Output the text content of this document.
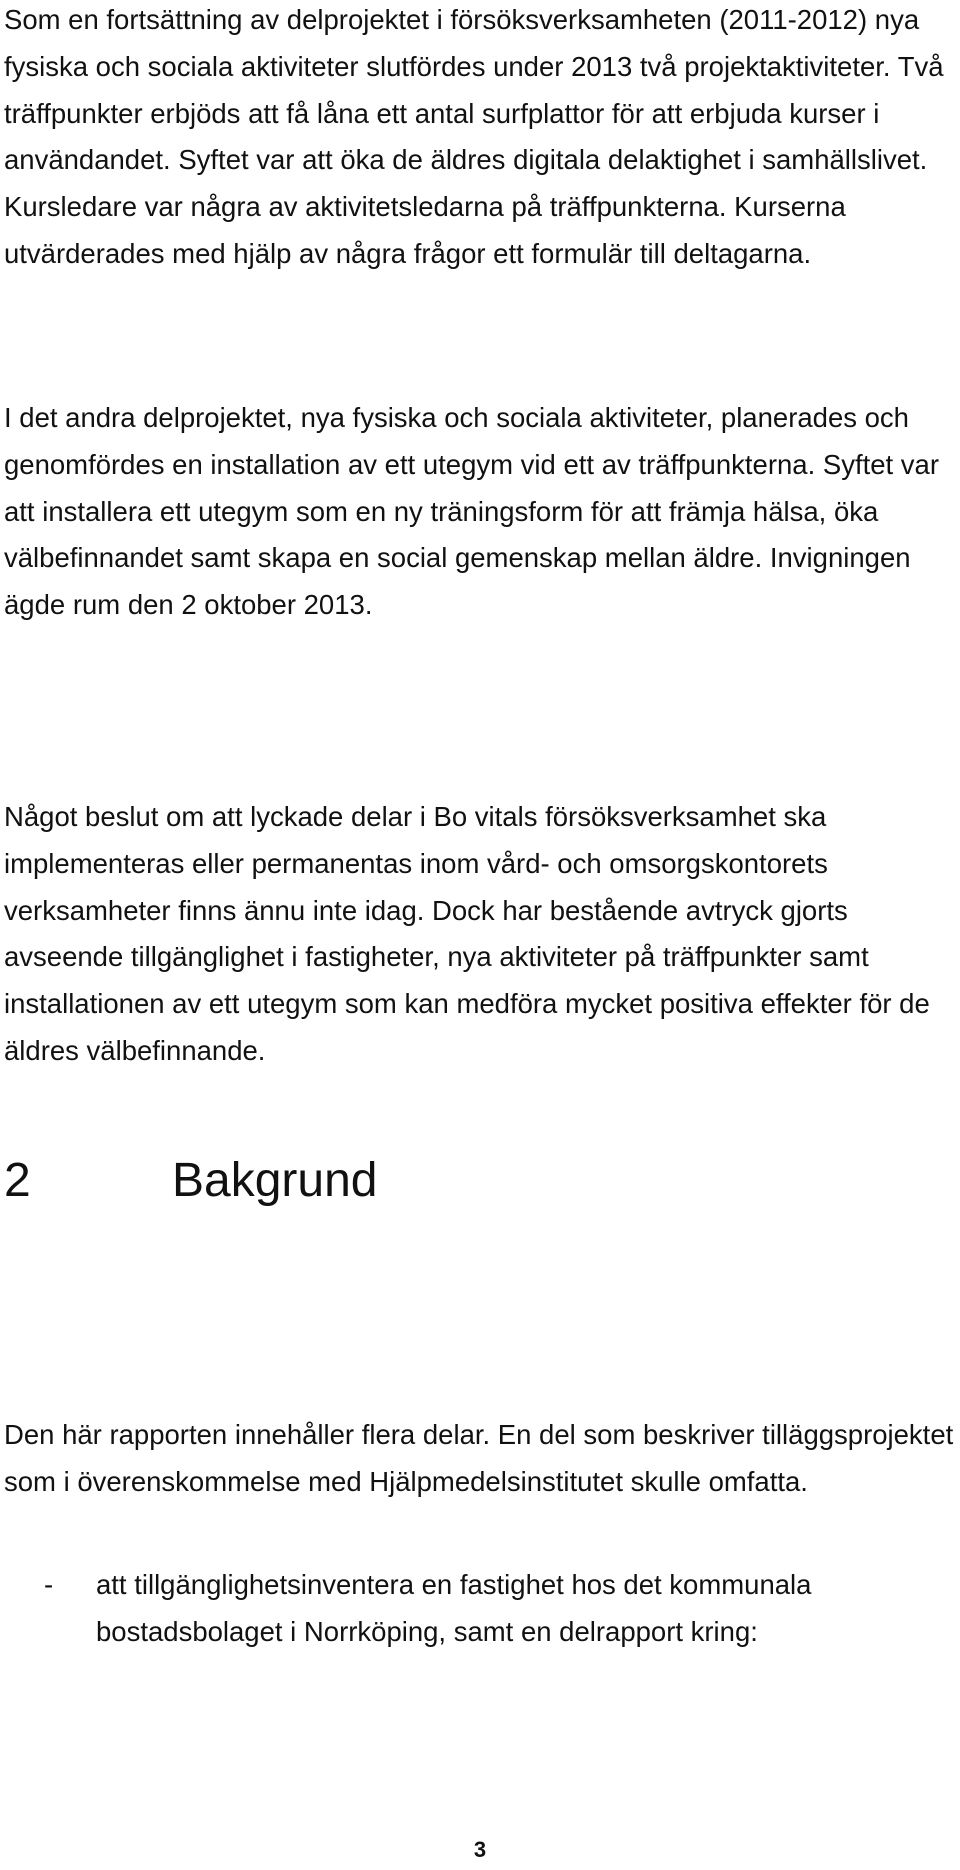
Som en fortsättning av delprojektet i försöksverksamheten (2011-2012) nya fysiska och sociala aktiviteter slutfördes under 2013 två projektaktiviteter. Två träffpunkter erbjöds att få låna ett antal surfplattor för att erbjuda kurser i användandet. Syftet var att öka de äldres digitala delaktighet i samhällslivet. Kursledare var några av aktivitetsledarna på träffpunkterna. Kurserna utvärderades med hjälp av några frågor ett formulär till deltagarna.

I det andra delprojektet, nya fysiska och sociala aktiviteter, planerades och genomfördes en installation av ett utegym vid ett av träffpunkterna. Syftet var att installera ett utegym som en ny träningsform för att främja hälsa, öka välbefinnandet samt skapa en social gemenskap mellan äldre. Invigningen ägde rum den 2 oktober 2013.

Något beslut om att lyckade delar i Bo vitals försöksverksamhet ska implementeras eller permanentas inom vård- och omsorgskontorets verksamheter finns ännu inte idag. Dock har bestående avtryck gjorts avseende tillgänglighet i fastigheter, nya aktiviteter på träffpunkter samt installationen av ett utegym som kan medföra mycket positiva effekter för de äldres välbefinnande.

2	Bakgrund

Den här rapporten innehåller flera delar. En del som beskriver tilläggsprojektet som i överenskommelse med Hjälpmedelsinstitutet skulle omfatta.

- att tillgänglighetsinventera en fastighet hos det kommunala bostadsbolaget i Norrköping, samt en delrapport kring:
3
